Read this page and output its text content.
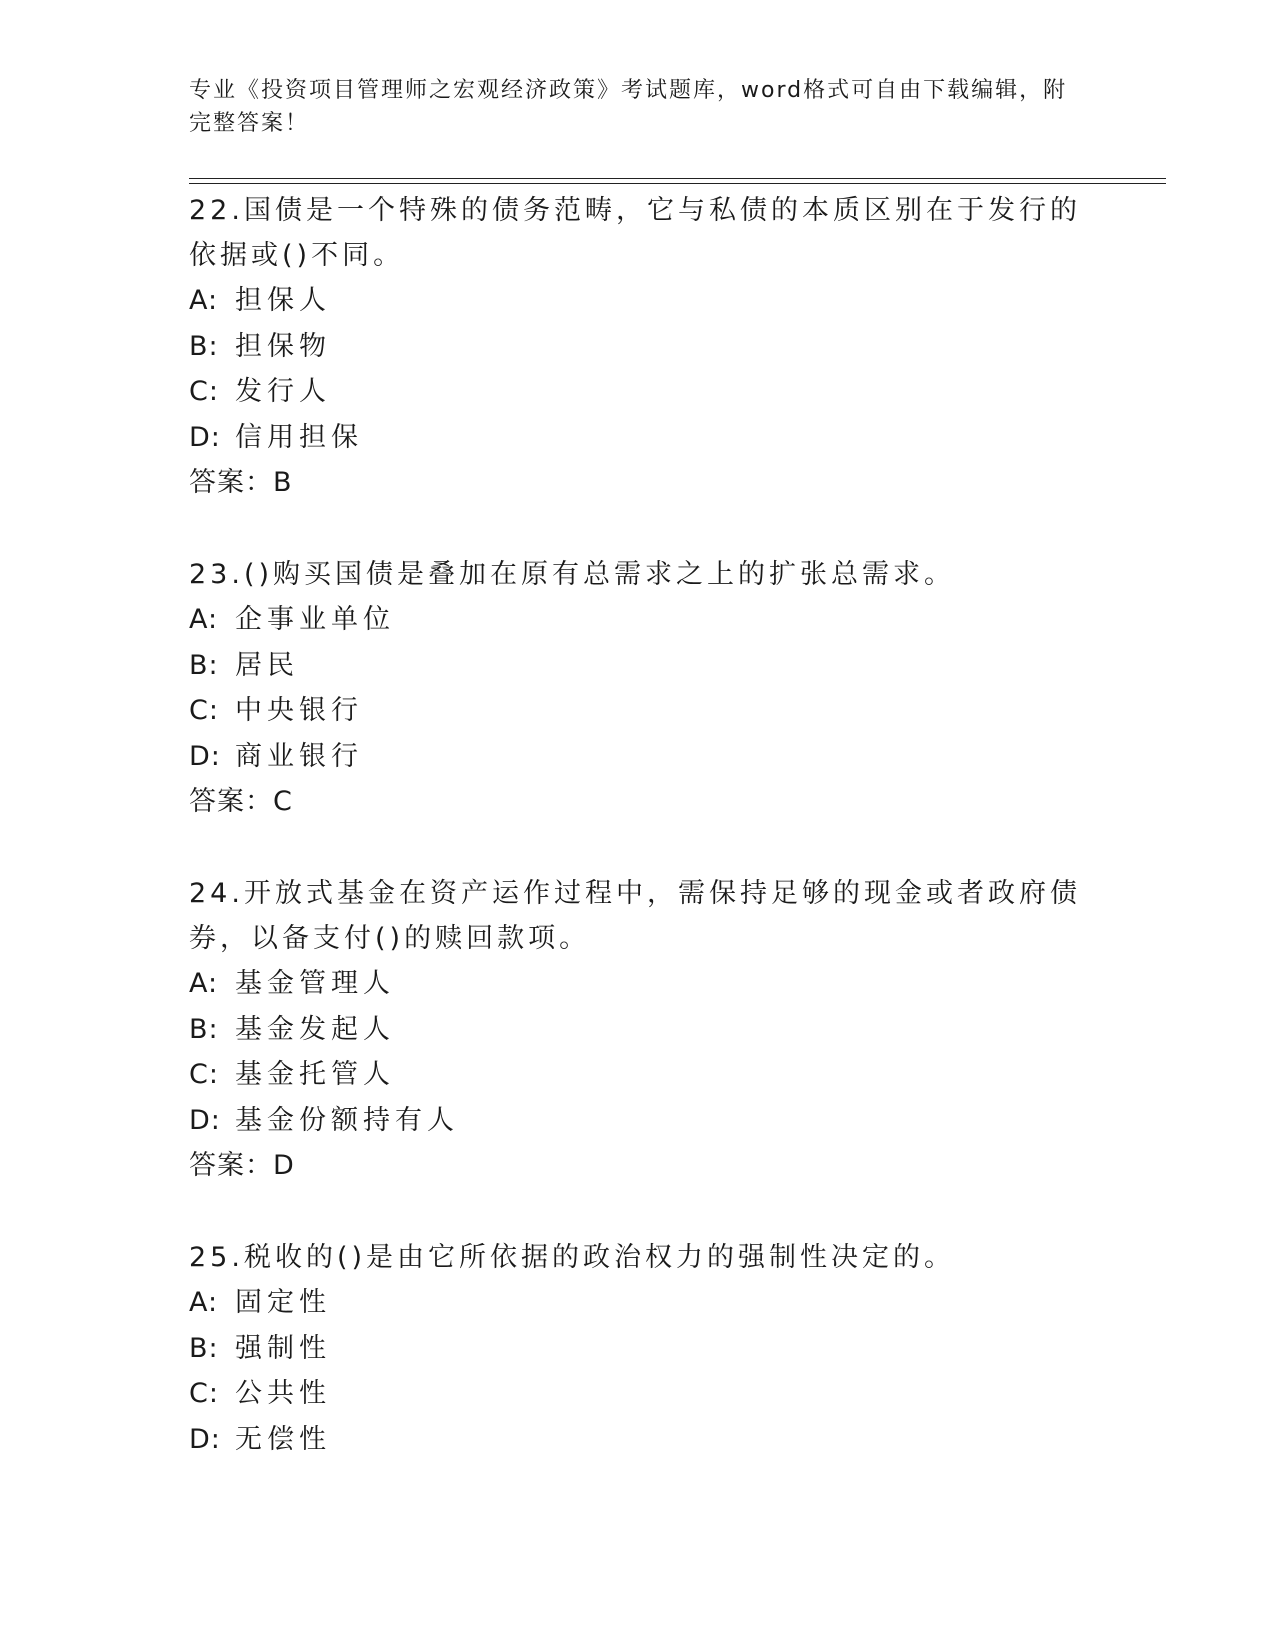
专业《投资项目管理师之宏观经济政策》考试题库，word格式可自由下载编辑，附完整答案！

22.国债是一个特殊的债务范畴，它与私债的本质区别在于发行的依据或()不同。

A: 担保人

B: 担保物

C: 发行人

D: 信用担保

答案：B

23.()购买国债是叠加在原有总需求之上的扩张总需求。

A: 企事业单位

B: 居民

C: 中央银行

D: 商业银行

答案：C

24.开放式基金在资产运作过程中，需保持足够的现金或者政府债券，以备支付()的赎回款项。

A: 基金管理人

B: 基金发起人

C: 基金托管人

D: 基金份额持有人

答案：D

25.税收的()是由它所依据的政治权力的强制性决定的。

A: 固定性

B: 强制性

C: 公共性

D: 无偿性
